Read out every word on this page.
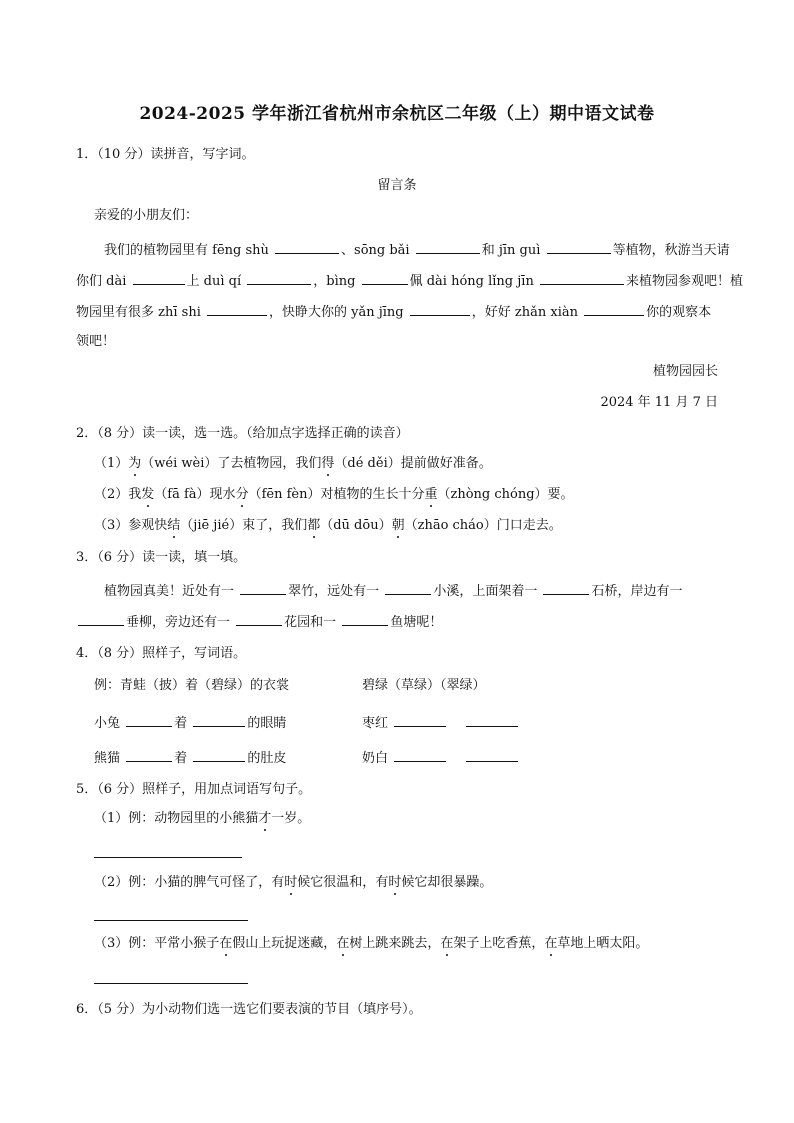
2024-2025 学年浙江省杭州市余杭区二年级（上）期中语文试卷
1．（10 分）读拼音，写字词。
留言条
亲爱的小朋友们：
我们的植物园里有 fēng shù	、sōng bǎi	和 jīn guì	等植物，秋游当天请
你们 dài	上 duì qí	，bìng	佩 dài hóng lǐng jīn	来植物园参观吧！植
物园里有很多 zhī shi	，快睁大你的 yǎn jīng	，好好 zhǎn xiàn	你的观察本
领吧！
植物园园长
2024 年 11 月 7 日
2．（8 分）读一读，选一选。（给加点字选择正确的读音）
（1）为（wéi wèi）了去植物园，我们得（dé děi）提前做好准备。
（2）我发（fā fà）现水分（fēn fèn）对植物的生长十分重（zhòng chóng）要。
（3）参观快结（jiē jié）束了，我们都（dū dōu）朝（zhāo cháo）门口走去。
3．（6 分）读一读，填一填。
植物园真美！近处有一	翠竹，远处有一	小溪，上面架着一	石桥，岸边有一
垂柳，旁边还有一	花园和一	鱼塘呢！
4．（8 分）照样子，写词语。
例：青蛙（披）着（碧绿）的衣裳	碧绿（草绿）（翠绿）
小兔	着	的眼睛	枣红
熊猫	着	的肚皮	奶白
5．（6 分）照样子，用加点词语写句子。
（1）例：动物园里的小熊猫才一岁。
（2）例：小猫的脾气可怪了，有时候它很温和，有时候它却很暴躁。
（3）例：平常小猴子在假山上玩捉迷藏，在树上跳来跳去，在架子上吃香蕉，在草地上晒太阳。
6．（5 分）为小动物们选一选它们要表演的节目（填序号）。
